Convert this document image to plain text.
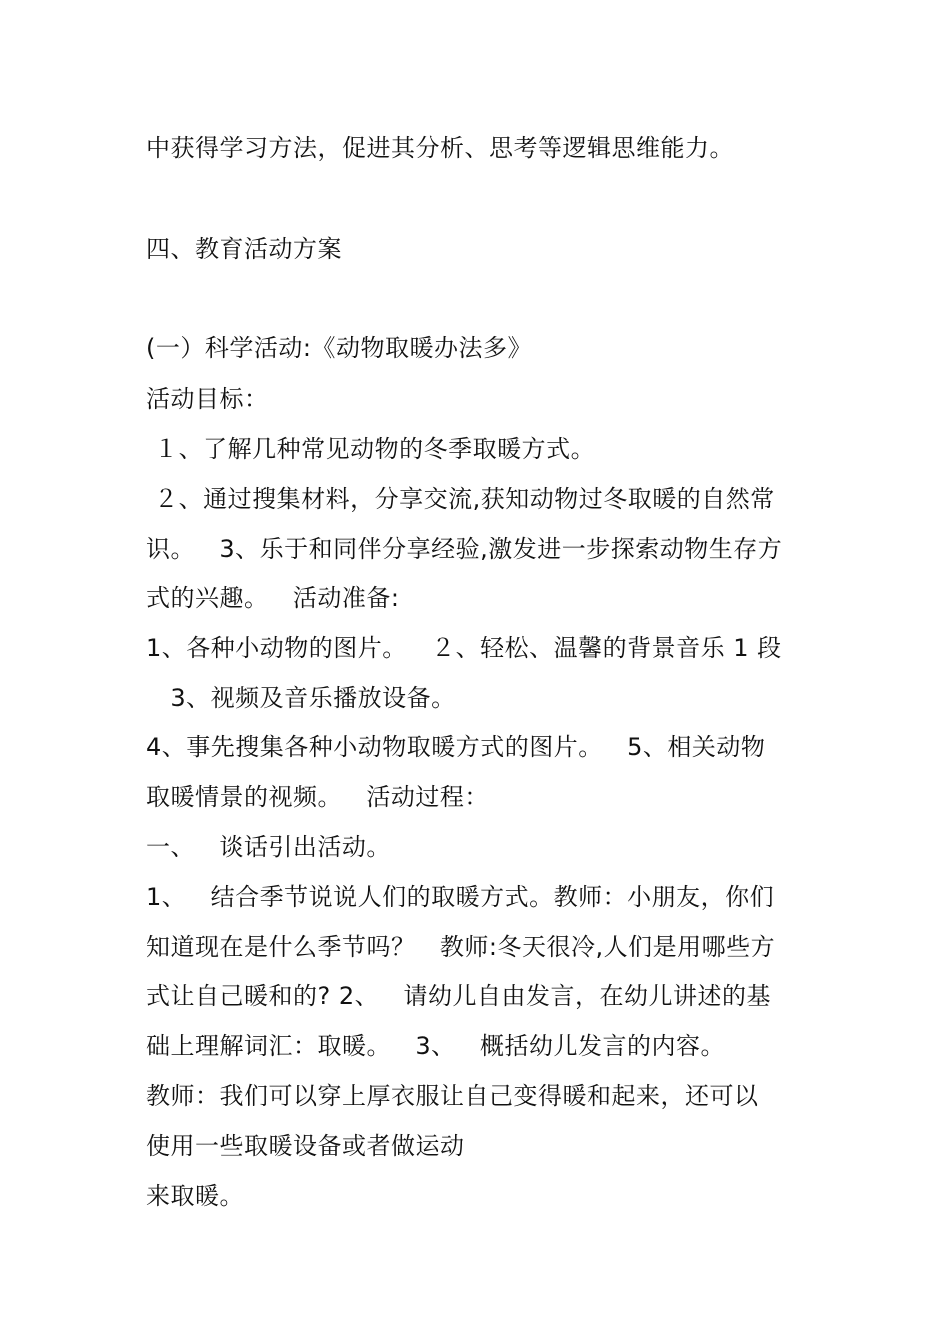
中获得学习方法，促进其分析、思考等逻辑思维能力。
四、教育活动方案
(一）科学活动:《动物取暖办法多》
活动目标：
１、了解几种常见动物的冬季取暖方式。
２、通过搜集材料，分享交流,获知动物过冬取暖的自然常
识。   3、乐于和同伴分享经验,激发进一步探索动物生存方
式的兴趣。   活动准备:
1、各种小动物的图片。   ２、轻松、温馨的背景音乐 1 段
3、视频及音乐播放设备。
4、事先搜集各种小动物取暖方式的图片。   5、相关动物
取暖情景的视频。   活动过程：
一、   谈话引出活动。
1、   结合季节说说人们的取暖方式。教师：小朋友，你们
知道现在是什么季节吗？   教师:冬天很冷,人们是用哪些方
式让自己暖和的? 2、   请幼儿自由发言，在幼儿讲述的基
础上理解词汇：取暖。   3、   概括幼儿发言的内容。
教师：我们可以穿上厚衣服让自己变得暖和起来，还可以
使用一些取暖设备或者做运动
来取暖。
